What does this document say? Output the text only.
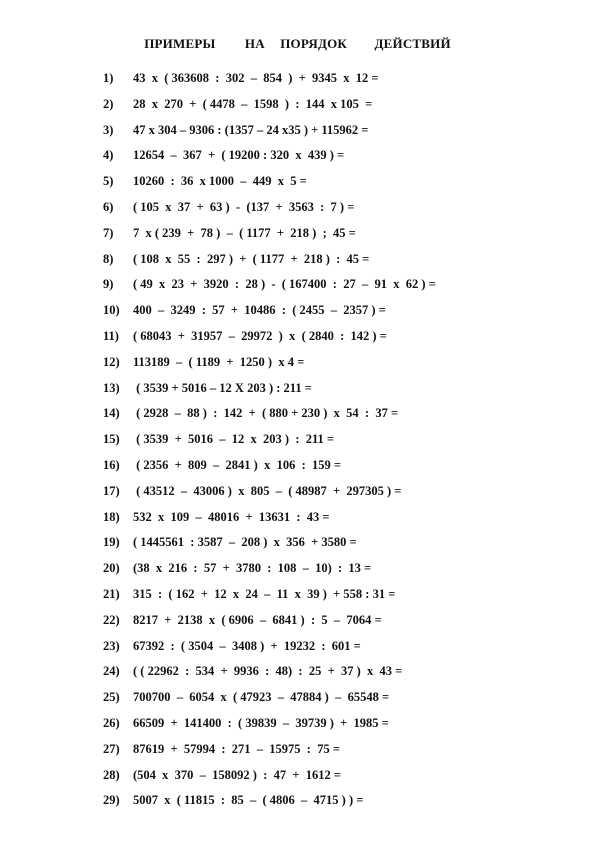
ПРИМЕРЫ НА ПОРЯДОК ДЕЙСТВИЙ
1) 43  x  ( 363608  :  302  –  854  )  +  9345  x  12 =
2) 28  x  270  +  ( 4478  –  1598  )  :  144  x 105  =
3) 47 x 304 – 9306 : (1357 – 24 x35 ) + 115962 =
4) 12654  –  367  +  ( 19200 : 320  x  439 ) =
5) 10260  :  36  x 1000  –  449  x  5 =
6) ( 105  x  37  +  63 )  -  (137  +  3563  :  7 ) =
7) 7  x ( 239  +  78 )  –  ( 1177  +  218 )  ;  45 =
8) ( 108  x  55  :  297 )  +  ( 1177  +  218 )  :  45 =
9) ( 49  x  23  +  3920  :  28 )  -  ( 167400  :  27  –  91  x  62 ) =
10) 400  –  3249  :  57  +  10486  :  ( 2455  –  2357 ) =
11) ( 68043  +  31957  –  29972  )  x  ( 2840  :  142 ) =
12) 113189  –  ( 1189  +  1250 )  x 4 =
13) ( 3539 + 5016 – 12 X 203 ) : 211 =
14) ( 2928  –  88 )  :  142  +  ( 880 + 230 )  x  54  :  37 =
15) ( 3539  +  5016  –  12  x  203 )  :  211 =
16) ( 2356  +  809  –  2841 )  x  106  :  159 =
17) ( 43512  –  43006 )  x  805  –  ( 48987  +  297305 ) =
18) 532  x  109  –  48016  +  13631  :  43 =
19) ( 1445561  : 3587  –  208 )  x  356  + 3580 =
20) (38  x  216  :  57  +  3780  :  108  –  10)  :  13 =
21) 315  :  ( 162  +  12  x  24  –  11  x  39 )  + 558 : 31 =
22) 8217  +  2138  x  ( 6906  –  6841 )  :  5  –  7064 =
23) 67392  :  ( 3504  –  3408 )  +  19232  :  601 =
24) ( ( 22962  :  534  +  9936  :  48)  :  25  +  37 )  x  43 =
25) 700700  –  6054  x  ( 47923  –  47884 )  –  65548 =
26) 66509  +  141400  :  ( 39839  –  39739 )  +  1985 =
27) 87619  +  57994  :  271  –  15975  :  75 =
28) (504  x  370  –  158092 )  :  47  +  1612 =
29) 5007  x  ( 11815  :  85  –  ( 4806  –  4715 ) ) =
